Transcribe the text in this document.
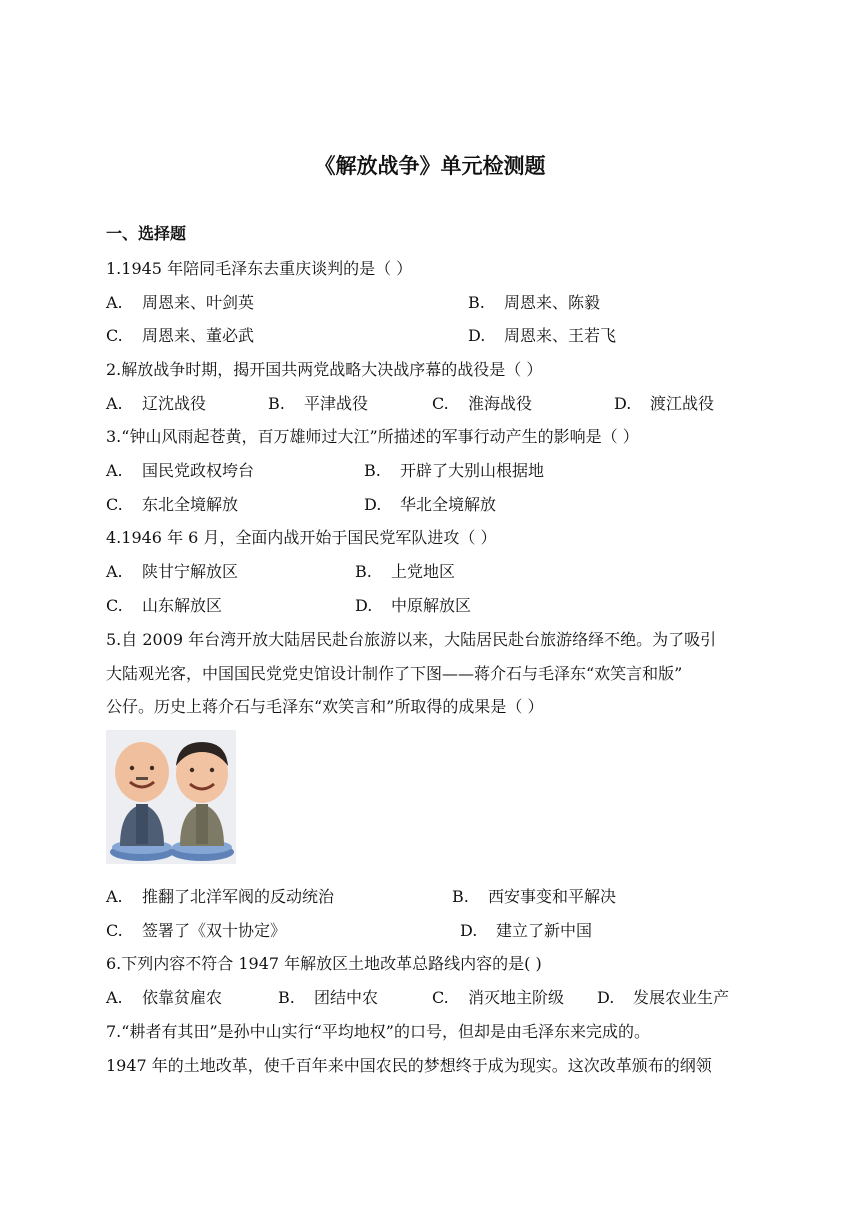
《解放战争》单元检测题
一、选择题
1.1945 年陪同毛泽东去重庆谈判的是（ ）
A. 周恩来、叶剑英	B. 周恩来、陈毅
C. 周恩来、董必武	D. 周恩来、王若飞
2.解放战争时期，揭开国共两党战略大决战序幕的战役是（ ）
A. 辽沈战役	B. 平津战役	C. 淮海战役	D. 渡江战役
3.“钟山风雨起苍黄，百万雄师过大江”所描述的军事行动产生的影响是（ ）
A. 国民党政权垮台	B. 开辟了大别山根据地
C. 东北全境解放	D. 华北全境解放
4.1946 年 6 月，全面内战开始于国民党军队进攻（ ）
A. 陕甘宁解放区	B. 上党地区
C. 山东解放区	D. 中原解放区
5.自 2009 年台湾开放大陆居民赴台旅游以来，大陆居民赴台旅游络绎不绝。为了吸引
大陆观光客，中国国民党党史馆设计制作了下图——蒋介石与毛泽东“欢笑言和版”
公仔。历史上蒋介石与毛泽东“欢笑言和”所取得的成果是（ ）
A. 推翻了北洋军阀的反动统治	B. 西安事变和平解决
C. 签署了《双十协定》	D. 建立了新中国
6.下列内容不符合 1947 年解放区土地改革总路线内容的是( )
A. 依靠贫雇农	B. 团结中农	C. 消灭地主阶级 D. 发展农业生产
7.“耕者有其田”是孙中山实行“平均地权”的口号，但却是由毛泽东来完成的。
1947 年的土地改革，使千百年来中国农民的梦想终于成为现实。这次改革颁布的纲领
